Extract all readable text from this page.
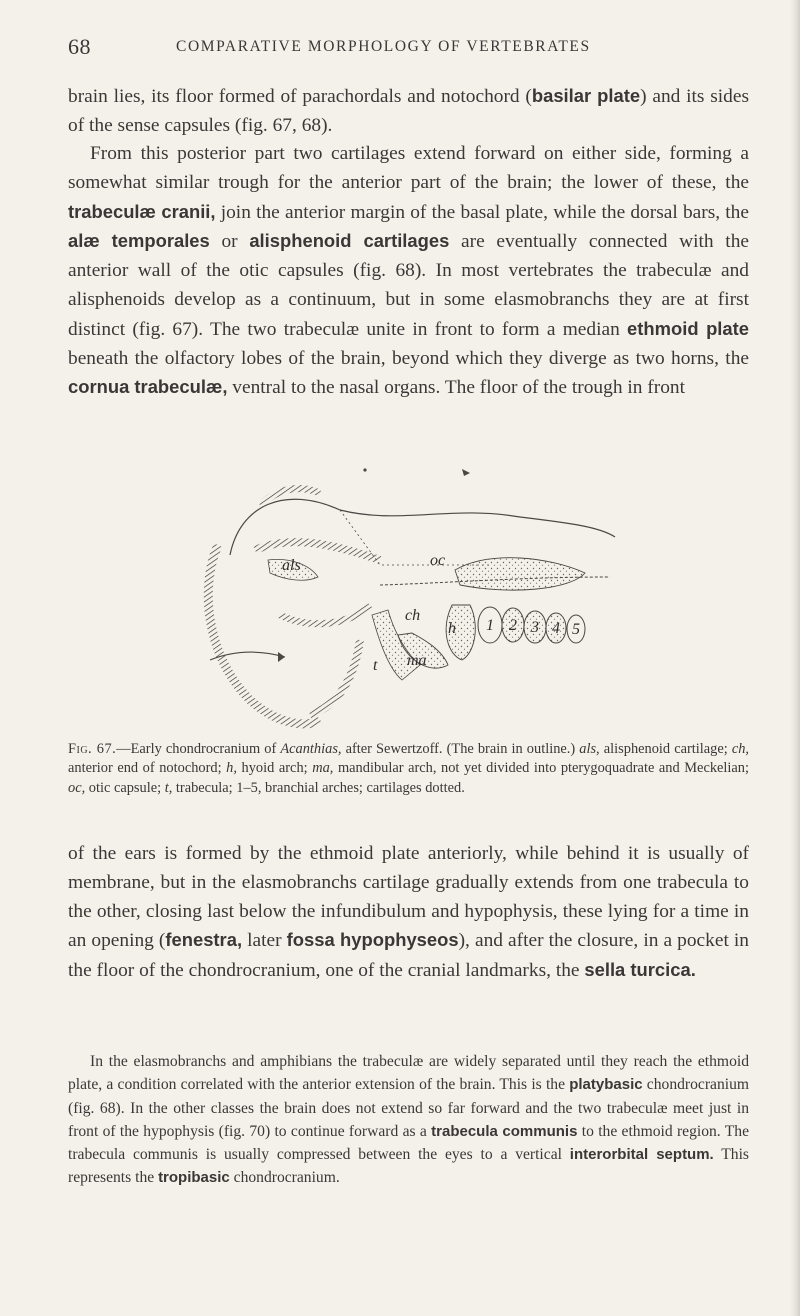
68	COMPARATIVE MORPHOLOGY OF VERTEBRATES

brain lies, its floor formed of parachordals and notochord (basilar plate) and its sides of the sense capsules (fig. 67, 68).

From this posterior part two cartilages extend forward on either side, forming a somewhat similar trough for the anterior part of the brain; the lower of these, the trabeculæ cranii, join the anterior margin of the basal plate, while the dorsal bars, the alæ temporales or alisphenoid cartilages are eventually connected with the anterior wall of the otic capsules (fig. 68). In most vertebrates the trabeculæ and alisphenoids develop as a continuum, but in some elasmobranchs they are at first distinct (fig. 67). The two trabeculæ unite in front to form a median ethmoid plate beneath the olfactory lobes of the brain, beyond which they diverge as two horns, the cornua trabeculæ, ventral to the nasal organs. The floor of the trough in front

oc
ch
h
ma
t
als
1 2 3 4 5

Fig. 67.—Early chondrocranium of Acanthias, after Sewertzoff. (The brain in outline.) als, alisphenoid cartilage; ch, anterior end of notochord; h, hyoid arch; ma, mandibular arch, not yet divided into pterygoquadrate and Meckelian; oc, otic capsule; t, trabecula; 1–5, branchial arches; cartilages dotted.

of the ears is formed by the ethmoid plate anteriorly, while behind it is usually of membrane, but in the elasmobranchs cartilage gradually extends from one trabecula to the other, closing last below the infundibulum and hypophysis, these lying for a time in an opening (fenestra, later fossa hypophyseos), and after the closure, in a pocket in the floor of the chondrocranium, one of the cranial landmarks, the sella turcica.

In the elasmobranchs and amphibians the trabeculæ are widely separated until they reach the ethmoid plate, a condition correlated with the anterior extension of the brain. This is the platybasic chondrocranium (fig. 68). In the other classes the brain does not extend so far forward and the two trabeculæ meet just in front of the hypophysis (fig. 70) to continue forward as a trabecula communis to the ethmoid region. The trabecula communis is usually compressed between the eyes to a vertical interorbital septum. This represents the tropibasic chondrocranium.
